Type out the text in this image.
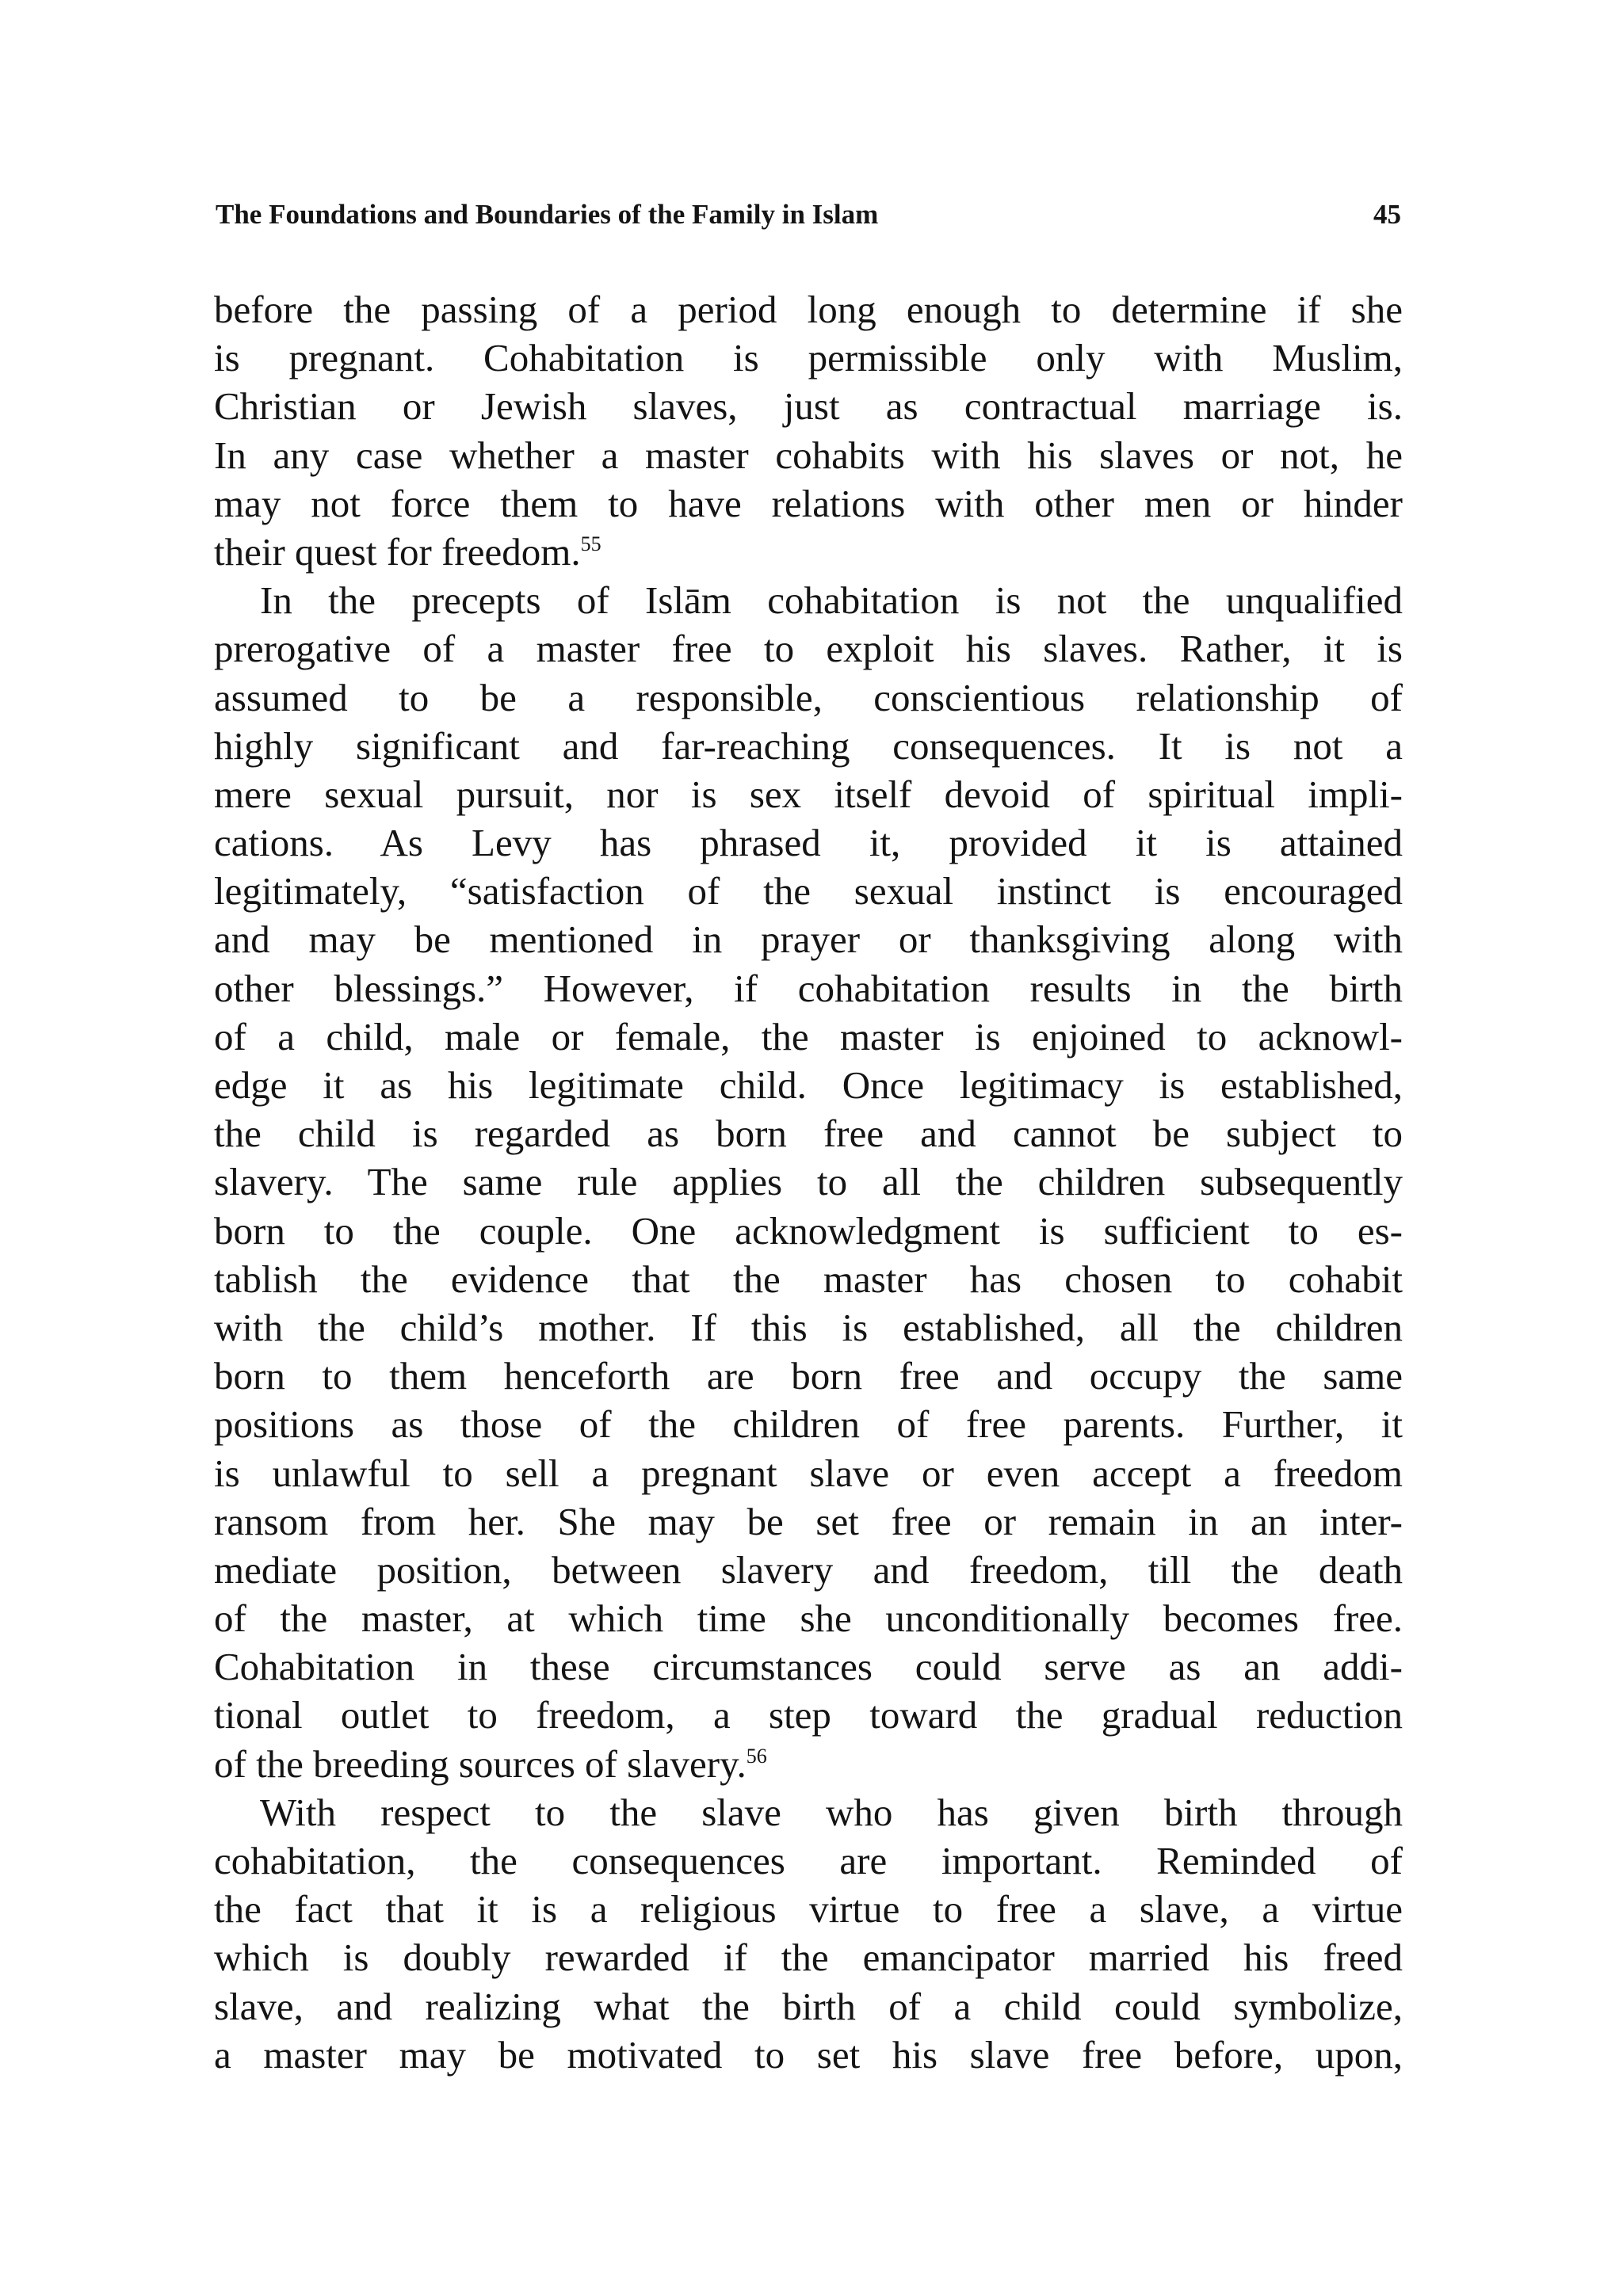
The Foundations and Boundaries of the Family in Islam	45
before the passing of a period long enough to determine if she
is pregnant. Cohabitation is permissible only with Muslim,
Christian or Jewish slaves, just as contractual marriage is.
In any case whether a master cohabits with his slaves or not, he
may not force them to have relations with other men or hinder
their quest for freedom.$^{55}$
In the precepts of Islām cohabitation is not the unqualified
prerogative of a master free to exploit his slaves. Rather, it is
assumed to be a responsible, conscientious relationship of
highly significant and far-reaching consequences. It is not a
mere sexual pursuit, nor is sex itself devoid of spiritual impli-
cations. As Levy has phrased it, provided it is attained
legitimately, “satisfaction of the sexual instinct is encouraged
and may be mentioned in prayer or thanksgiving along with
other blessings.” However, if cohabitation results in the birth
of a child, male or female, the master is enjoined to acknowl-
edge it as his legitimate child. Once legitimacy is established,
the child is regarded as born free and cannot be subject to
slavery. The same rule applies to all the children subsequently
born to the couple. One acknowledgment is sufficient to es-
tablish the evidence that the master has chosen to cohabit
with the child’s mother. If this is established, all the children
born to them henceforth are born free and occupy the same
positions as those of the children of free parents. Further, it
is unlawful to sell a pregnant slave or even accept a freedom
ransom from her. She may be set free or remain in an inter-
mediate position, between slavery and freedom, till the death
of the master, at which time she unconditionally becomes free.
Cohabitation in these circumstances could serve as an addi-
tional outlet to freedom, a step toward the gradual reduction
of the breeding sources of slavery.$^{56}$
With respect to the slave who has given birth through
cohabitation, the consequences are important. Reminded of
the fact that it is a religious virtue to free a slave, a virtue
which is doubly rewarded if the emancipator married his freed
slave, and realizing what the birth of a child could symbolize,
a master may be motivated to set his slave free before, upon,
